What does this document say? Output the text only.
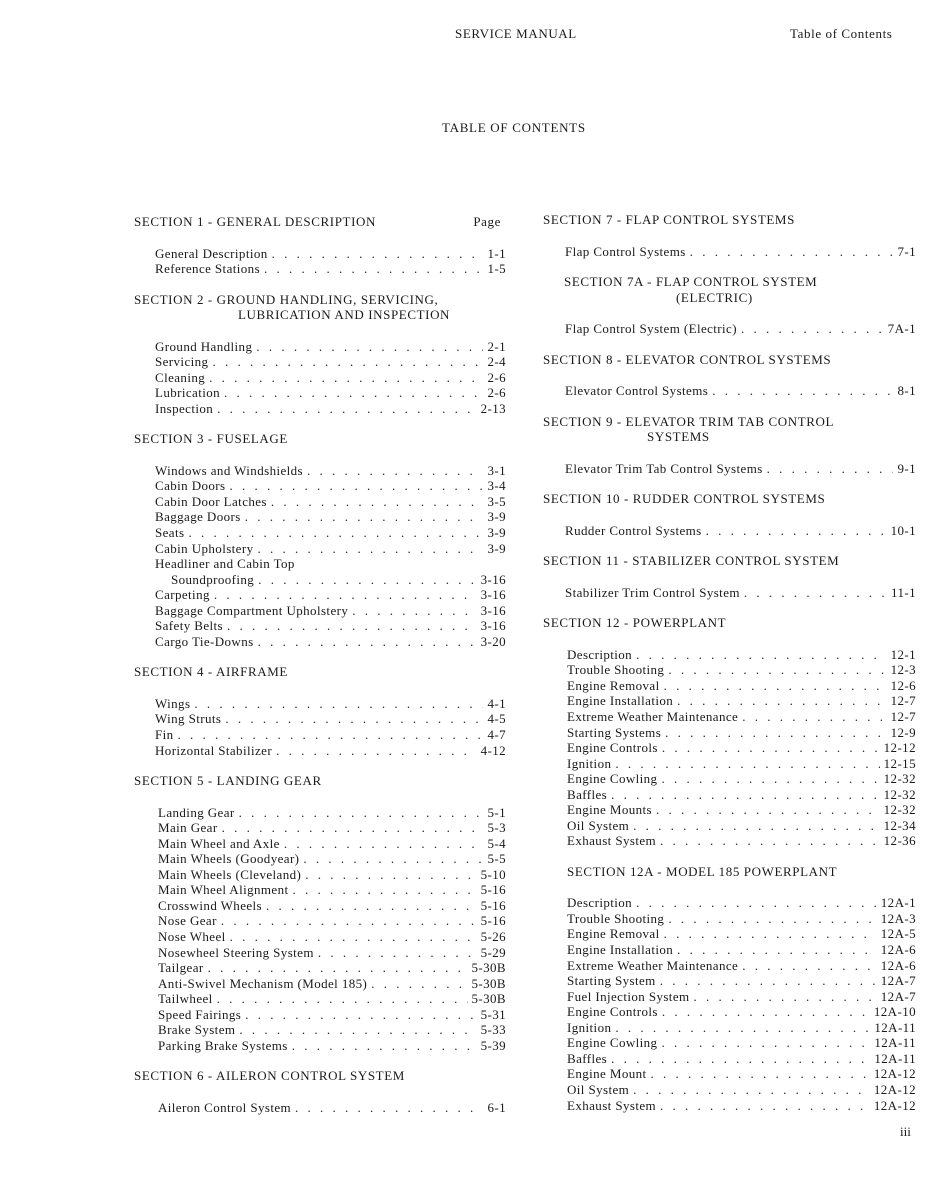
SERVICE MANUAL	Table of Contents
TABLE OF CONTENTS
SECTION 1 - GENERAL DESCRIPTION	Page
General Description . . .	1-1
Reference Stations . . .	1-5
SECTION 2 - GROUND HANDLING, SERVICING,
LUBRICATION AND INSPECTION
Ground Handling . . .	2-1
Servicing . . .	2-4
Cleaning . . .	2-6
Lubrication . . .	2-6
Inspection . . .	2-13
SECTION 3 - FUSELAGE
Windows and Windshields . . .	3-1
Cabin Doors . . .	3-4
Cabin Door Latches . . .	3-5
Baggage Doors . . .	3-9
Seats . . .	3-9
Cabin Upholstery . . .	3-9
Headliner and Cabin Top
Soundproofing . . .	3-16
Carpeting . . .	3-16
Baggage Compartment Upholstery . . .	3-16
Safety Belts . . .	3-16
Cargo Tie-Downs . . .	3-20
SECTION 4 - AIRFRAME
Wings . . .	4-1
Wing Struts . . .	4-5
Fin . . .	4-7
Horizontal Stabilizer . . .	4-12
SECTION 5 - LANDING GEAR
Landing Gear . . .	5-1
Main Gear . . .	5-3
Main Wheel and Axle . . .	5-4
Main Wheels (Goodyear) . . .	5-5
Main Wheels (Cleveland) . . .	5-10
Main Wheel Alignment . . .	5-16
Crosswind Wheels . . .	5-16
Nose Gear . . .	5-16
Nose Wheel . . .	5-26
Nosewheel Steering System . . .	5-29
Tailgear . . .	5-30B
Anti-Swivel Mechanism (Model 185) . . .	5-30B
Tailwheel . . .	5-30B
Speed Fairings . . .	5-31
Brake System . . .	5-33
Parking Brake Systems . . .	5-39
SECTION 6 - AILERON CONTROL SYSTEM
Aileron Control System . . .	6-1
SECTION 7 - FLAP CONTROL SYSTEMS
Flap Control Systems . . .	7-1
SECTION 7A - FLAP CONTROL SYSTEM
(ELECTRIC)
Flap Control System (Electric) . . .	7A-1
SECTION 8 - ELEVATOR CONTROL SYSTEMS
Elevator Control Systems . . .	8-1
SECTION 9 - ELEVATOR TRIM TAB CONTROL
SYSTEMS
Elevator Trim Tab Control Systems . . .	9-1
SECTION 10 - RUDDER CONTROL SYSTEMS
Rudder Control Systems . . .	10-1
SECTION 11 - STABILIZER CONTROL SYSTEM
Stabilizer Trim Control System . . .	11-1
SECTION 12 - POWERPLANT
Description . . .	12-1
Trouble Shooting . . .	12-3
Engine Removal . . .	12-6
Engine Installation . . .	12-7
Extreme Weather Maintenance . . .	12-7
Starting Systems . . .	12-9
Engine Controls . . .	12-12
Ignition . . .	12-15
Engine Cowling . . .	12-32
Baffles . . .	12-32
Engine Mounts . . .	12-32
Oil System . . .	12-34
Exhaust System . . .	12-36
SECTION 12A - MODEL 185 POWERPLANT
Description . . .	12A-1
Trouble Shooting . . .	12A-3
Engine Removal . . .	12A-5
Engine Installation . . .	12A-6
Extreme Weather Maintenance . . .	12A-6
Starting System . . .	12A-7
Fuel Injection System . . .	12A-7
Engine Controls . . .	12A-10
Ignition . . .	12A-11
Engine Cowling . . .	12A-11
Baffles . . .	12A-11
Engine Mount . . .	12A-12
Oil System . . .	12A-12
Exhaust System . . .	12A-12
iii
